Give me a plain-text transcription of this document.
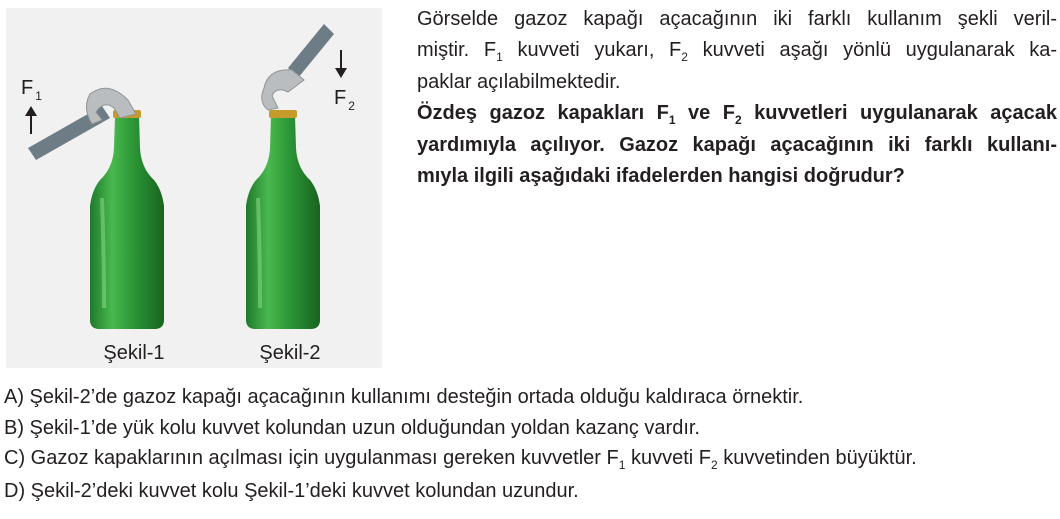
F $_1$	F $_2$
Şekil-1	Şekil-2
Görselde gazoz kapağı açacağının iki farklı kullanım şekli veril-
miştir. $F_1$ kuvveti yukarı, $F_2$ kuvveti aşağı yönlü uygulanarak ka-
paklar açılabilmektedir.
Özdeş gazoz kapakları $F_1$ ve $F_2$ kuvvetleri uygulanarak açacak
yardımıyla açılıyor. Gazoz kapağı açacağının iki farklı kullanı-
mıyla ilgili aşağıdaki ifadelerden hangisi doğrudur?
A) Şekil-2’de gazoz kapağı açacağının kullanımı desteğin ortada olduğu kaldıraca örnektir.
B) Şekil-1’de yük kolu kuvvet kolundan uzun olduğundan yoldan kazanç vardır.
C) Gazoz kapaklarının açılması için uygulanması gereken kuvvetler $F_1$ kuvveti $F_2$ kuvvetinden büyüktür.
D) Şekil-2’deki kuvvet kolu Şekil-1’deki kuvvet kolundan uzundur.
